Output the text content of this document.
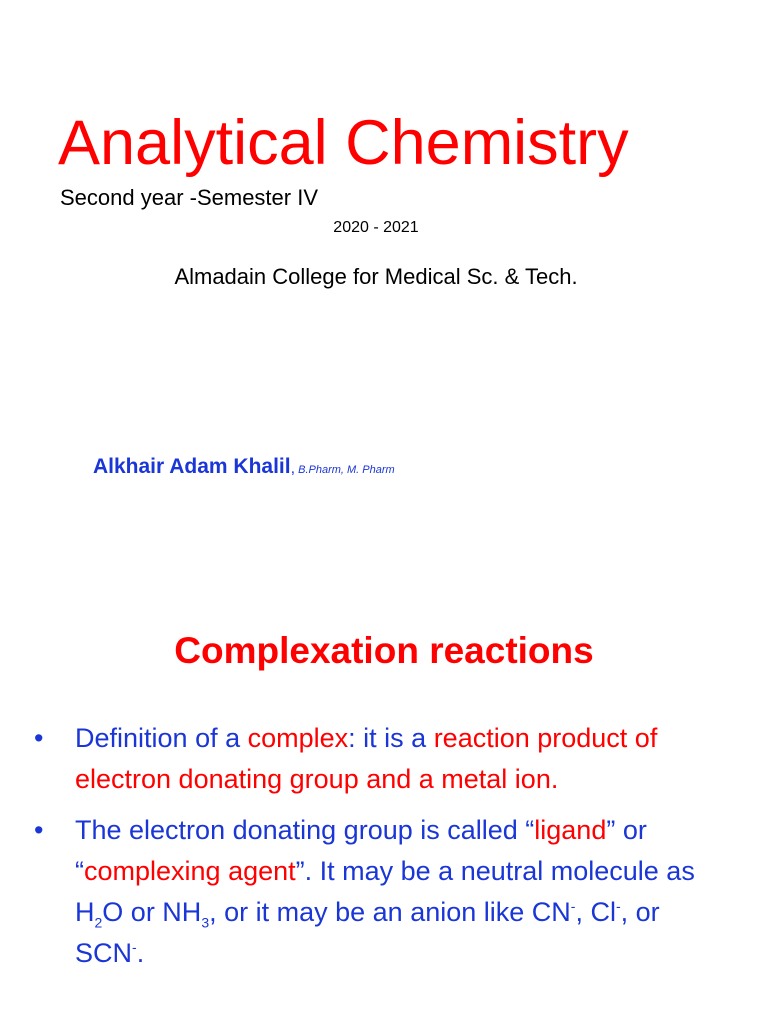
Analytical Chemistry
Second year -Semester IV
2020 - 2021
Almadain College for Medical Sc. & Tech.
Alkhair Adam Khalil, B.Pharm, M. Pharm
Complexation reactions
• Definition of a complex: it is a reaction product of electron donating group and a metal ion.
• The electron donating group is called “ligand” or “complexing agent”. It may be a neutral molecule as $H_2O$ or $NH_3$, or it may be an anion like CN-, Cl-, or SCN-.
